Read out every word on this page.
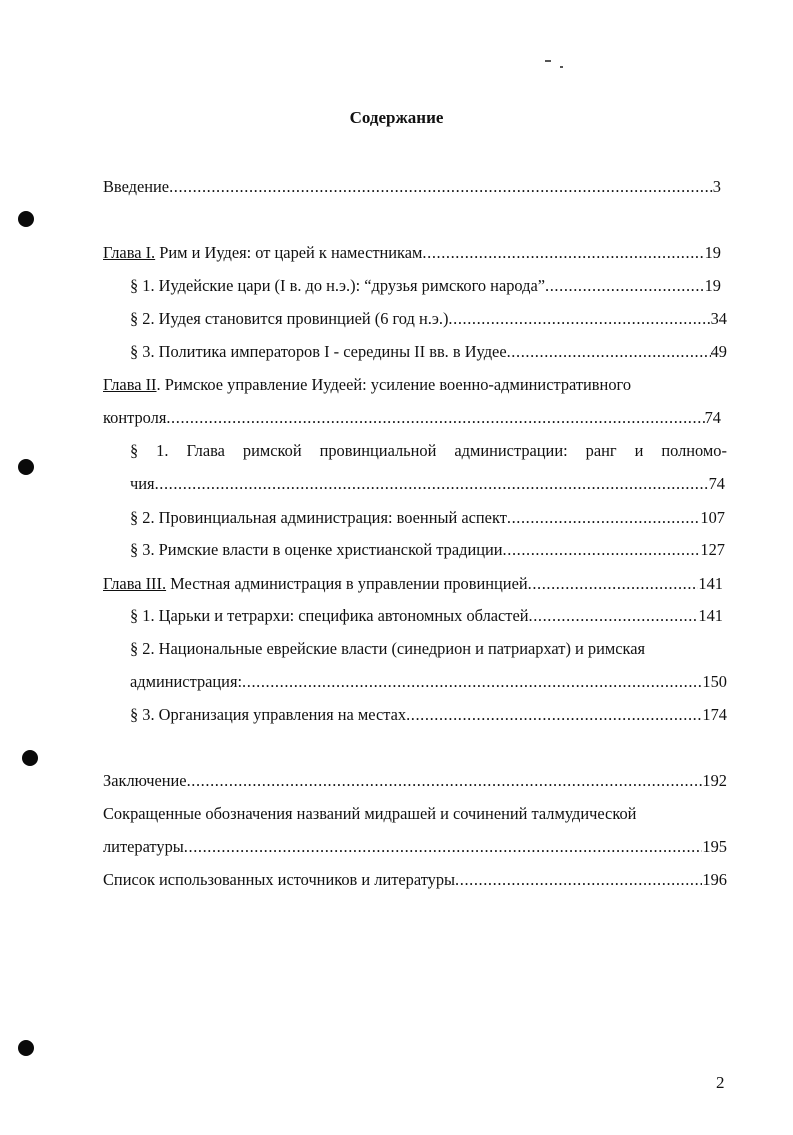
Содержание
Введение .....	3
Глава I. Рим и Иудея: от царей к наместникам .....	19
§ 1. Иудейские цари (I в. до н.э.): “друзья римского народа” .....	19
§ 2. Иудея становится провинцией (6 год н.э.) .....	34
§ 3. Политика императоров I - середины II вв. в Иудее .....	49
Глава II. Римское управление Иудеей: усиление военно-административного
контроля .....	74
§ 1. Глава римской провинциальной администрации: ранг и полномо-
чия .....	74
§ 2. Провинциальная администрация: военный аспект .....	107
§ 3. Римские власти в оценке христианской традиции .....	127
Глава III. Местная администрация в управлении провинцией .....	141
§ 1. Царьки и тетрархи: специфика автономных областей .....	141
§ 2. Национальные еврейские власти (синедрион и патриархат) и римская
администрация: .....	150
§ 3. Организация управления на местах .....	174
Заключение .....	192
Сокращенные обозначения названий мидрашей и сочинений талмудической
литературы .....	195
Список использованных источников и литературы .....	196
2
